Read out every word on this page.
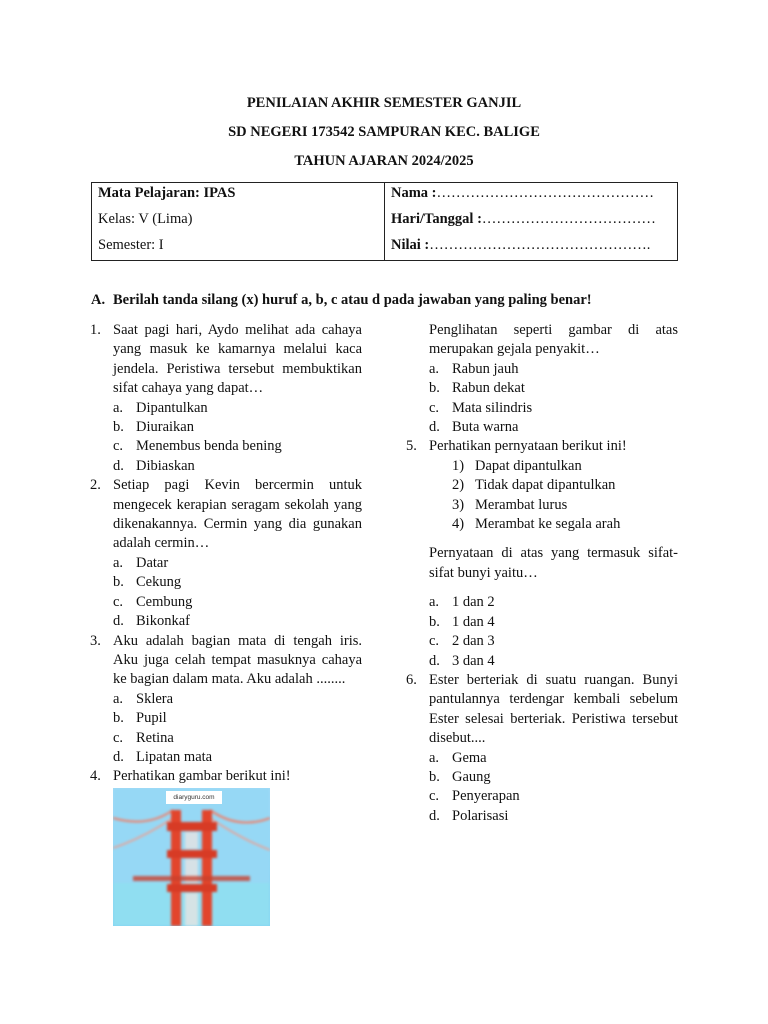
PENILAIAN AKHIR SEMESTER GANJIL
SD NEGERI 173542 SAMPURAN KEC. BALIGE
TAHUN AJARAN 2024/2025
Mata Pelajaran: IPAS	Nama :………………………………………
Kelas: V (Lima)	Hari/Tanggal :………………………………
Semester: I	Nilai :……………………………………….
A. Berilah tanda silang (x) huruf a, b, c atau d pada jawaban yang paling benar!
1. Saat pagi hari, Aydo melihat ada cahaya yang masuk ke kamarnya melalui kaca jendela. Peristiwa tersebut membuktikan sifat cahaya yang dapat…
a. Dipantulkan
b. Diuraikan
c. Menembus benda bening
d. Dibiaskan
2. Setiap pagi Kevin bercermin untuk mengecek kerapian seragam sekolah yang dikenakannya. Cermin yang dia gunakan adalah cermin…
a. Datar
b. Cekung
c. Cembung
d. Bikonkaf
3. Aku adalah bagian mata di tengah iris. Aku juga celah tempat masuknya cahaya ke bagian dalam mata. Aku adalah ........
a. Sklera
b. Pupil
c. Retina
d. Lipatan mata
4. Perhatikan gambar berikut ini!
diaryguru.com
Penglihatan seperti gambar di atas merupakan gejala penyakit…
a. Rabun jauh
b. Rabun dekat
c. Mata silindris
d. Buta warna
5. Perhatikan pernyataan berikut ini!
1) Dapat dipantulkan
2) Tidak dapat dipantulkan
3) Merambat lurus
4) Merambat ke segala arah
Pernyataan di atas yang termasuk sifat-sifat bunyi yaitu…
a. 1 dan 2
b. 1 dan 4
c. 2 dan 3
d. 3 dan 4
6. Ester berteriak di suatu ruangan. Bunyi pantulannya terdengar kembali sebelum Ester selesai berteriak. Peristiwa tersebut disebut....
a. Gema
b. Gaung
c. Penyerapan
d. Polarisasi
